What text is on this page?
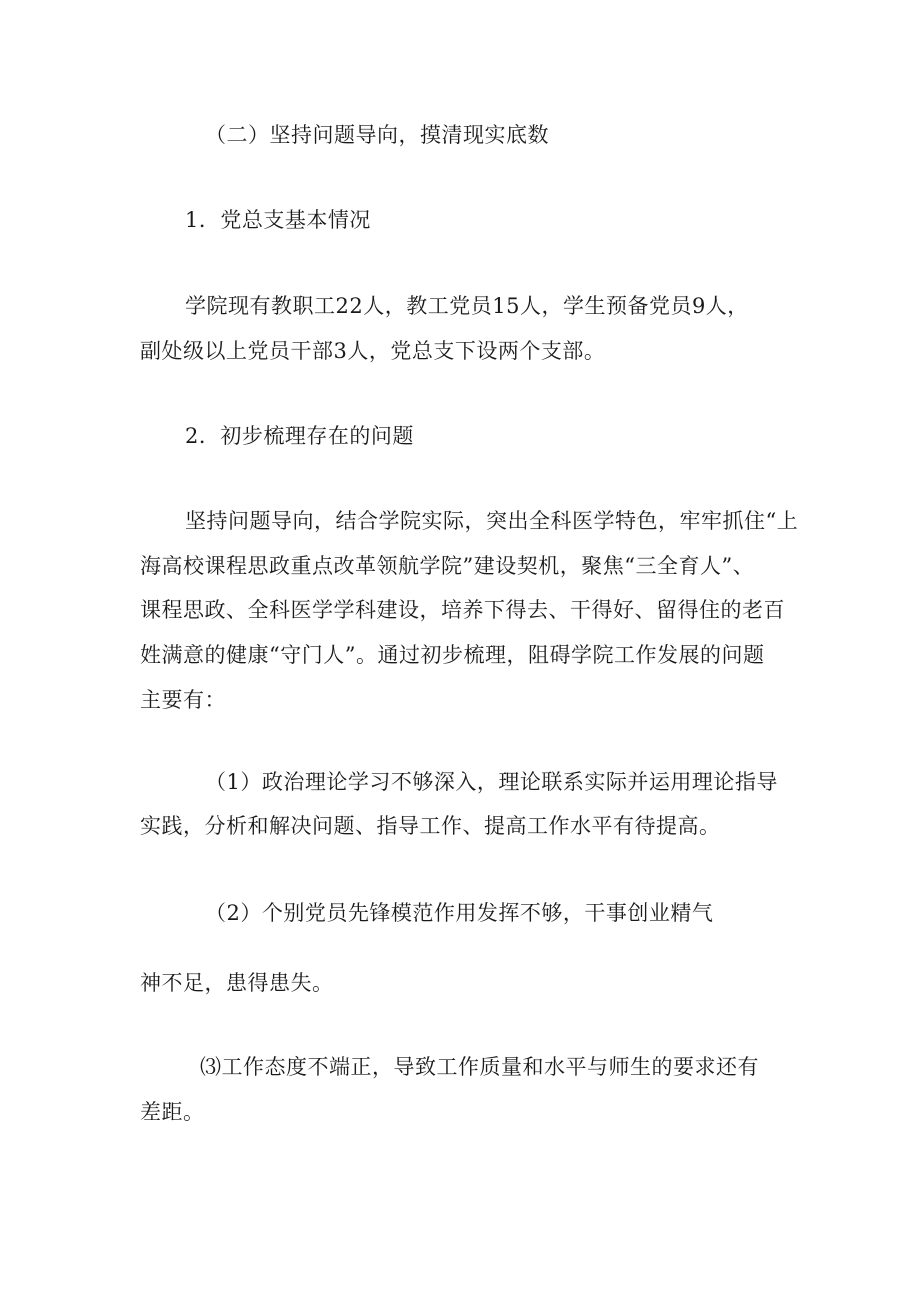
（二）坚持问题导向，摸清现实底数

1．党总支基本情况

学院现有教职工22人，教工党员15人，学生预备党员9人，

副处级以上党员干部3人，党总支下设两个支部。

2．初步梳理存在的问题

坚持问题导向，结合学院实际，突出全科医学特色，牢牢抓住“上

海高校课程思政重点改革领航学院”建设契机，聚焦“三全育人”、

课程思政、全科医学学科建设，培养下得去、干得好、留得住的老百

姓满意的健康“守门人”。通过初步梳理，阻碍学院工作发展的问题

主要有：

（1）政治理论学习不够深入，理论联系实际并运用理论指导

实践，分析和解决问题、指导工作、提高工作水平有待提高。

（2）个别党员先锋模范作用发挥不够，干事创业精气

神不足，患得患失。

⑶工作态度不端正，导致工作质量和水平与师生的要求还有

差距。
